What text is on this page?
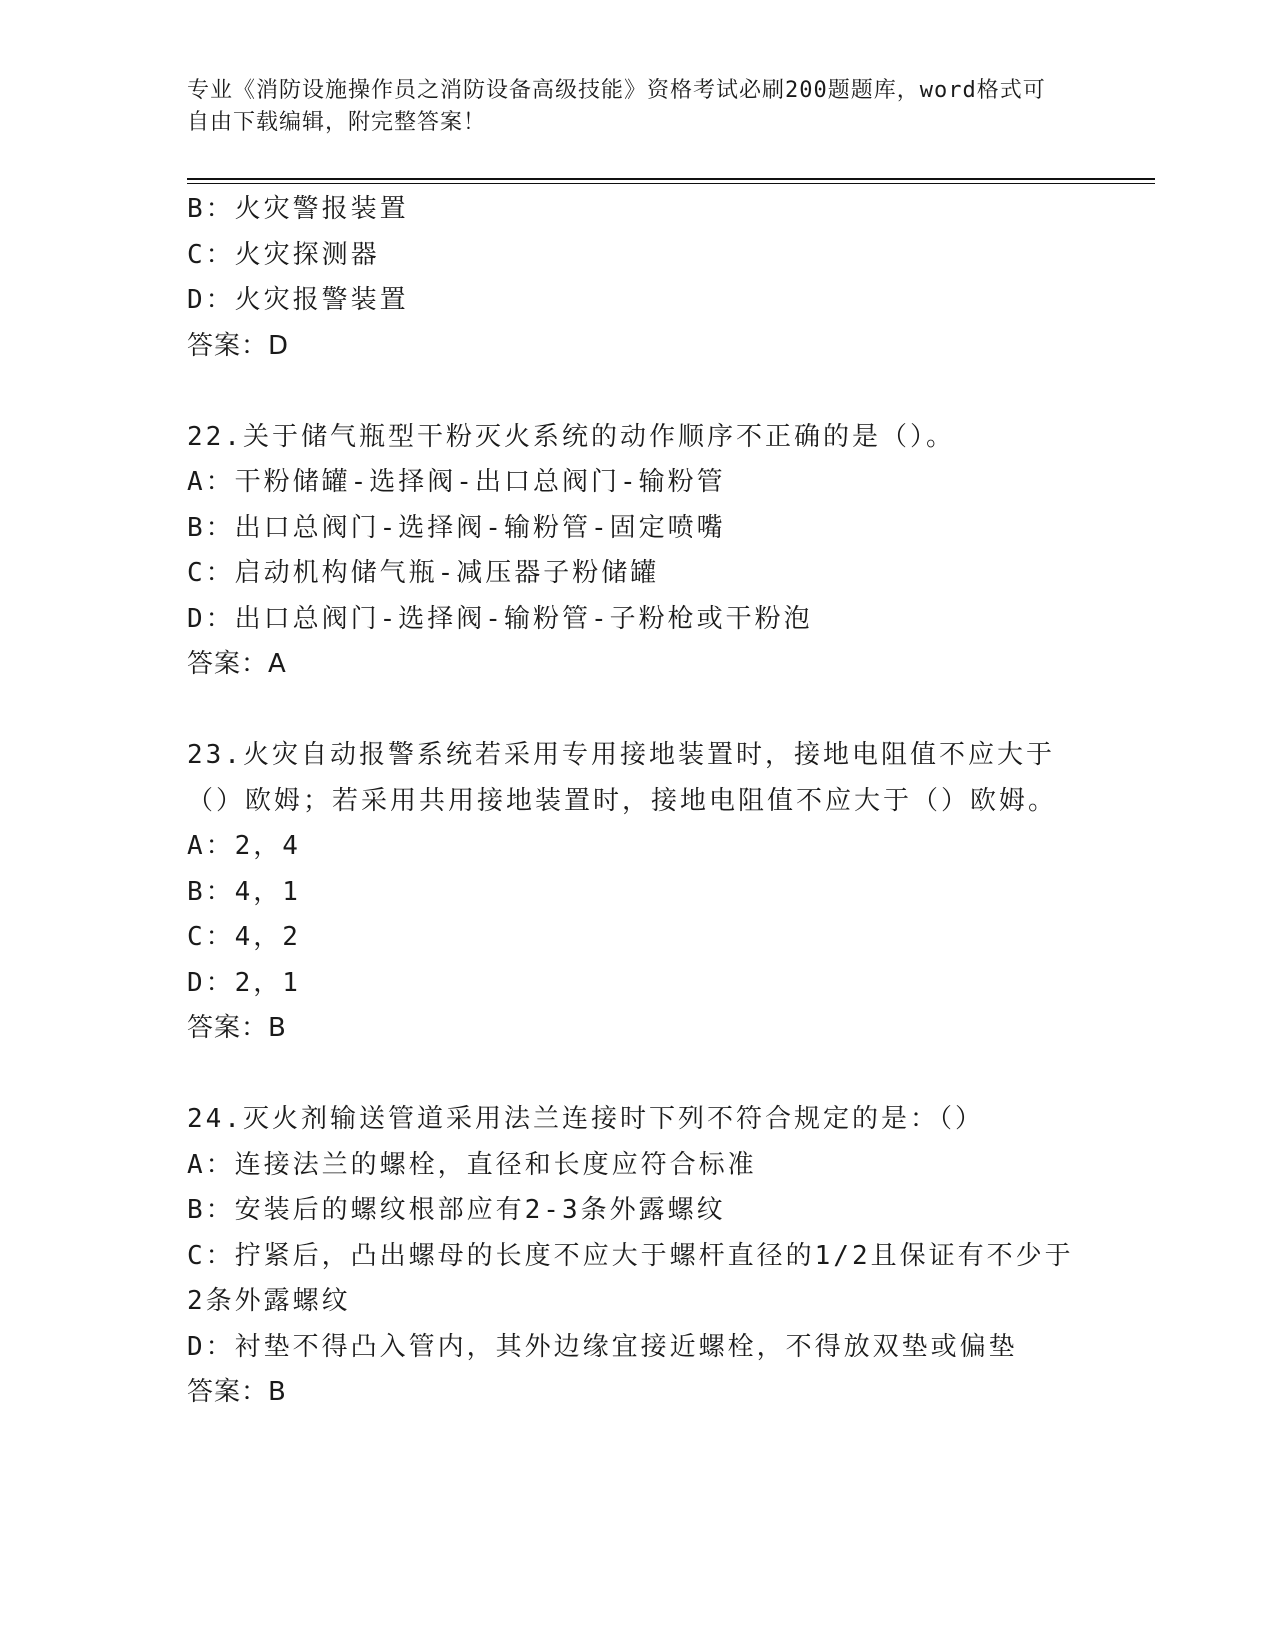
专业《消防设施操作员之消防设备高级技能》资格考试必刷200题题库，word格式可自由下载编辑，附完整答案！
B：火灾警报装置
C：火灾探测器
D：火灾报警装置
答案：D
22.关于储气瓶型干粉灭火系统的动作顺序不正确的是（）。
A：干粉储罐-选择阀-出口总阀门-输粉管
B：出口总阀门-选择阀-输粉管-固定喷嘴
C：启动机构储气瓶-减压器子粉储罐
D：出口总阀门-选择阀-输粉管-子粉枪或干粉泡
答案：A
23.火灾自动报警系统若采用专用接地装置时，接地电阻值不应大于（）欧姆；若采用共用接地装置时，接地电阻值不应大于（）欧姆。
A：2，4
B：4，1
C：4，2
D：2，1
答案：B
24.灭火剂输送管道采用法兰连接时下列不符合规定的是：（）
A：连接法兰的螺栓，直径和长度应符合标准
B：安装后的螺纹根部应有2-3条外露螺纹
C：拧紧后，凸出螺母的长度不应大于螺杆直径的1/2且保证有不少于2条外露螺纹
D：衬垫不得凸入管内，其外边缘宜接近螺栓，不得放双垫或偏垫
答案：B
